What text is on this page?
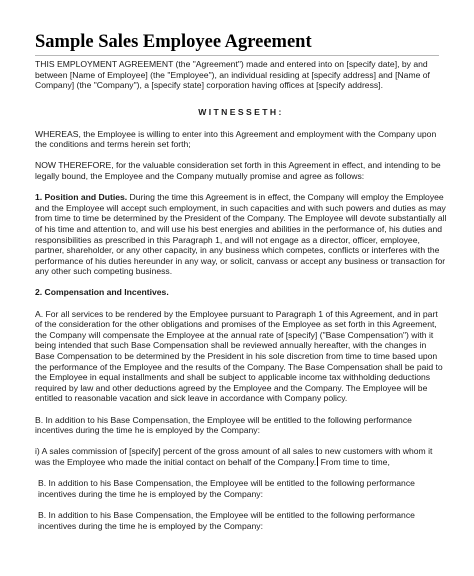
Sample Sales Employee Agreement

THIS EMPLOYMENT AGREEMENT (the "Agreement") made and entered into on [specify date], by and between [Name of Employee] (the "Employee"), an individual residing at [specify address] and [Name of Company] (the "Company"), a [specify state] corporation having offices at [specify address].

WITNESSETH:

WHEREAS, the Employee is willing to enter into this Agreement and employment with the Company upon the conditions and terms herein set forth;

NOW THEREFORE, for the valuable consideration set forth in this Agreement in effect, and intending to be legally bound, the Employee and the Company mutually promise and agree as follows:

1. Position and Duties. During the time this Agreement is in effect, the Company will employ the Employee and the Employee will accept such employment, in such capacities and with such powers and duties as may from time to time be determined by the President of the Company. The Employee will devote substantially all of his time and attention to, and will use his best energies and abilities in the performance of, his duties and responsibilities as prescribed in this Paragraph 1, and will not engage as a director, officer, employee, partner, shareholder, or any other capacity, in any business which competes, conflicts or interferes with the performance of his duties hereunder in any way, or solicit, canvass or accept any business or transaction for any other such competing business.

2. Compensation and Incentives.

A. For all services to be rendered by the Employee pursuant to Paragraph 1 of this Agreement, and in part of the consideration for the other obligations and promises of the Employee as set forth in this Agreement, the Company will compensate the Employee at the annual rate of [specify] ("Base Compensation") with it being intended that such Base Compensation shall be reviewed annually hereafter, with the changes in Base Compensation to be determined by the President in his sole discretion from time to time based upon the performance of the Employee and the results of the Company. The Base Compensation shall be paid to the Employee in equal installments and shall be subject to applicable income tax withholding deductions required by law and other deductions agreed by the Employee and the Company. The Employee will be entitled to reasonable vacation and sick leave in accordance with Company policy.

B. In addition to his Base Compensation, the Employee will be entitled to the following performance incentives during the time he is employed by the Company:

i) A sales commission of [specify] percent of the gross amount of all sales to new customers with whom it was the Employee who made the initial contact on behalf of the Company. From time to time,

B. In addition to his Base Compensation, the Employee will be entitled to the following performance incentives during the time he is employed by the Company:

B. In addition to his Base Compensation, the Employee will be entitled to the following performance incentives during the time he is employed by the Company:
